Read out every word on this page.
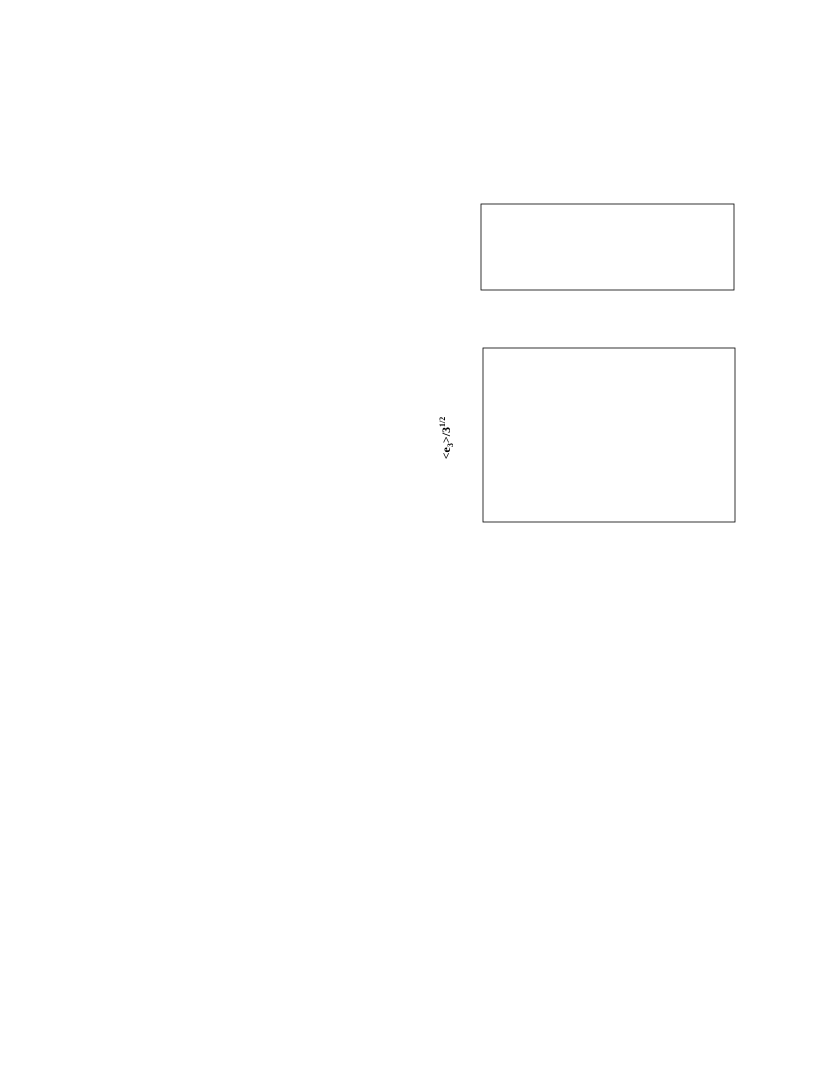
$<e_3>/3^{1/2}$
